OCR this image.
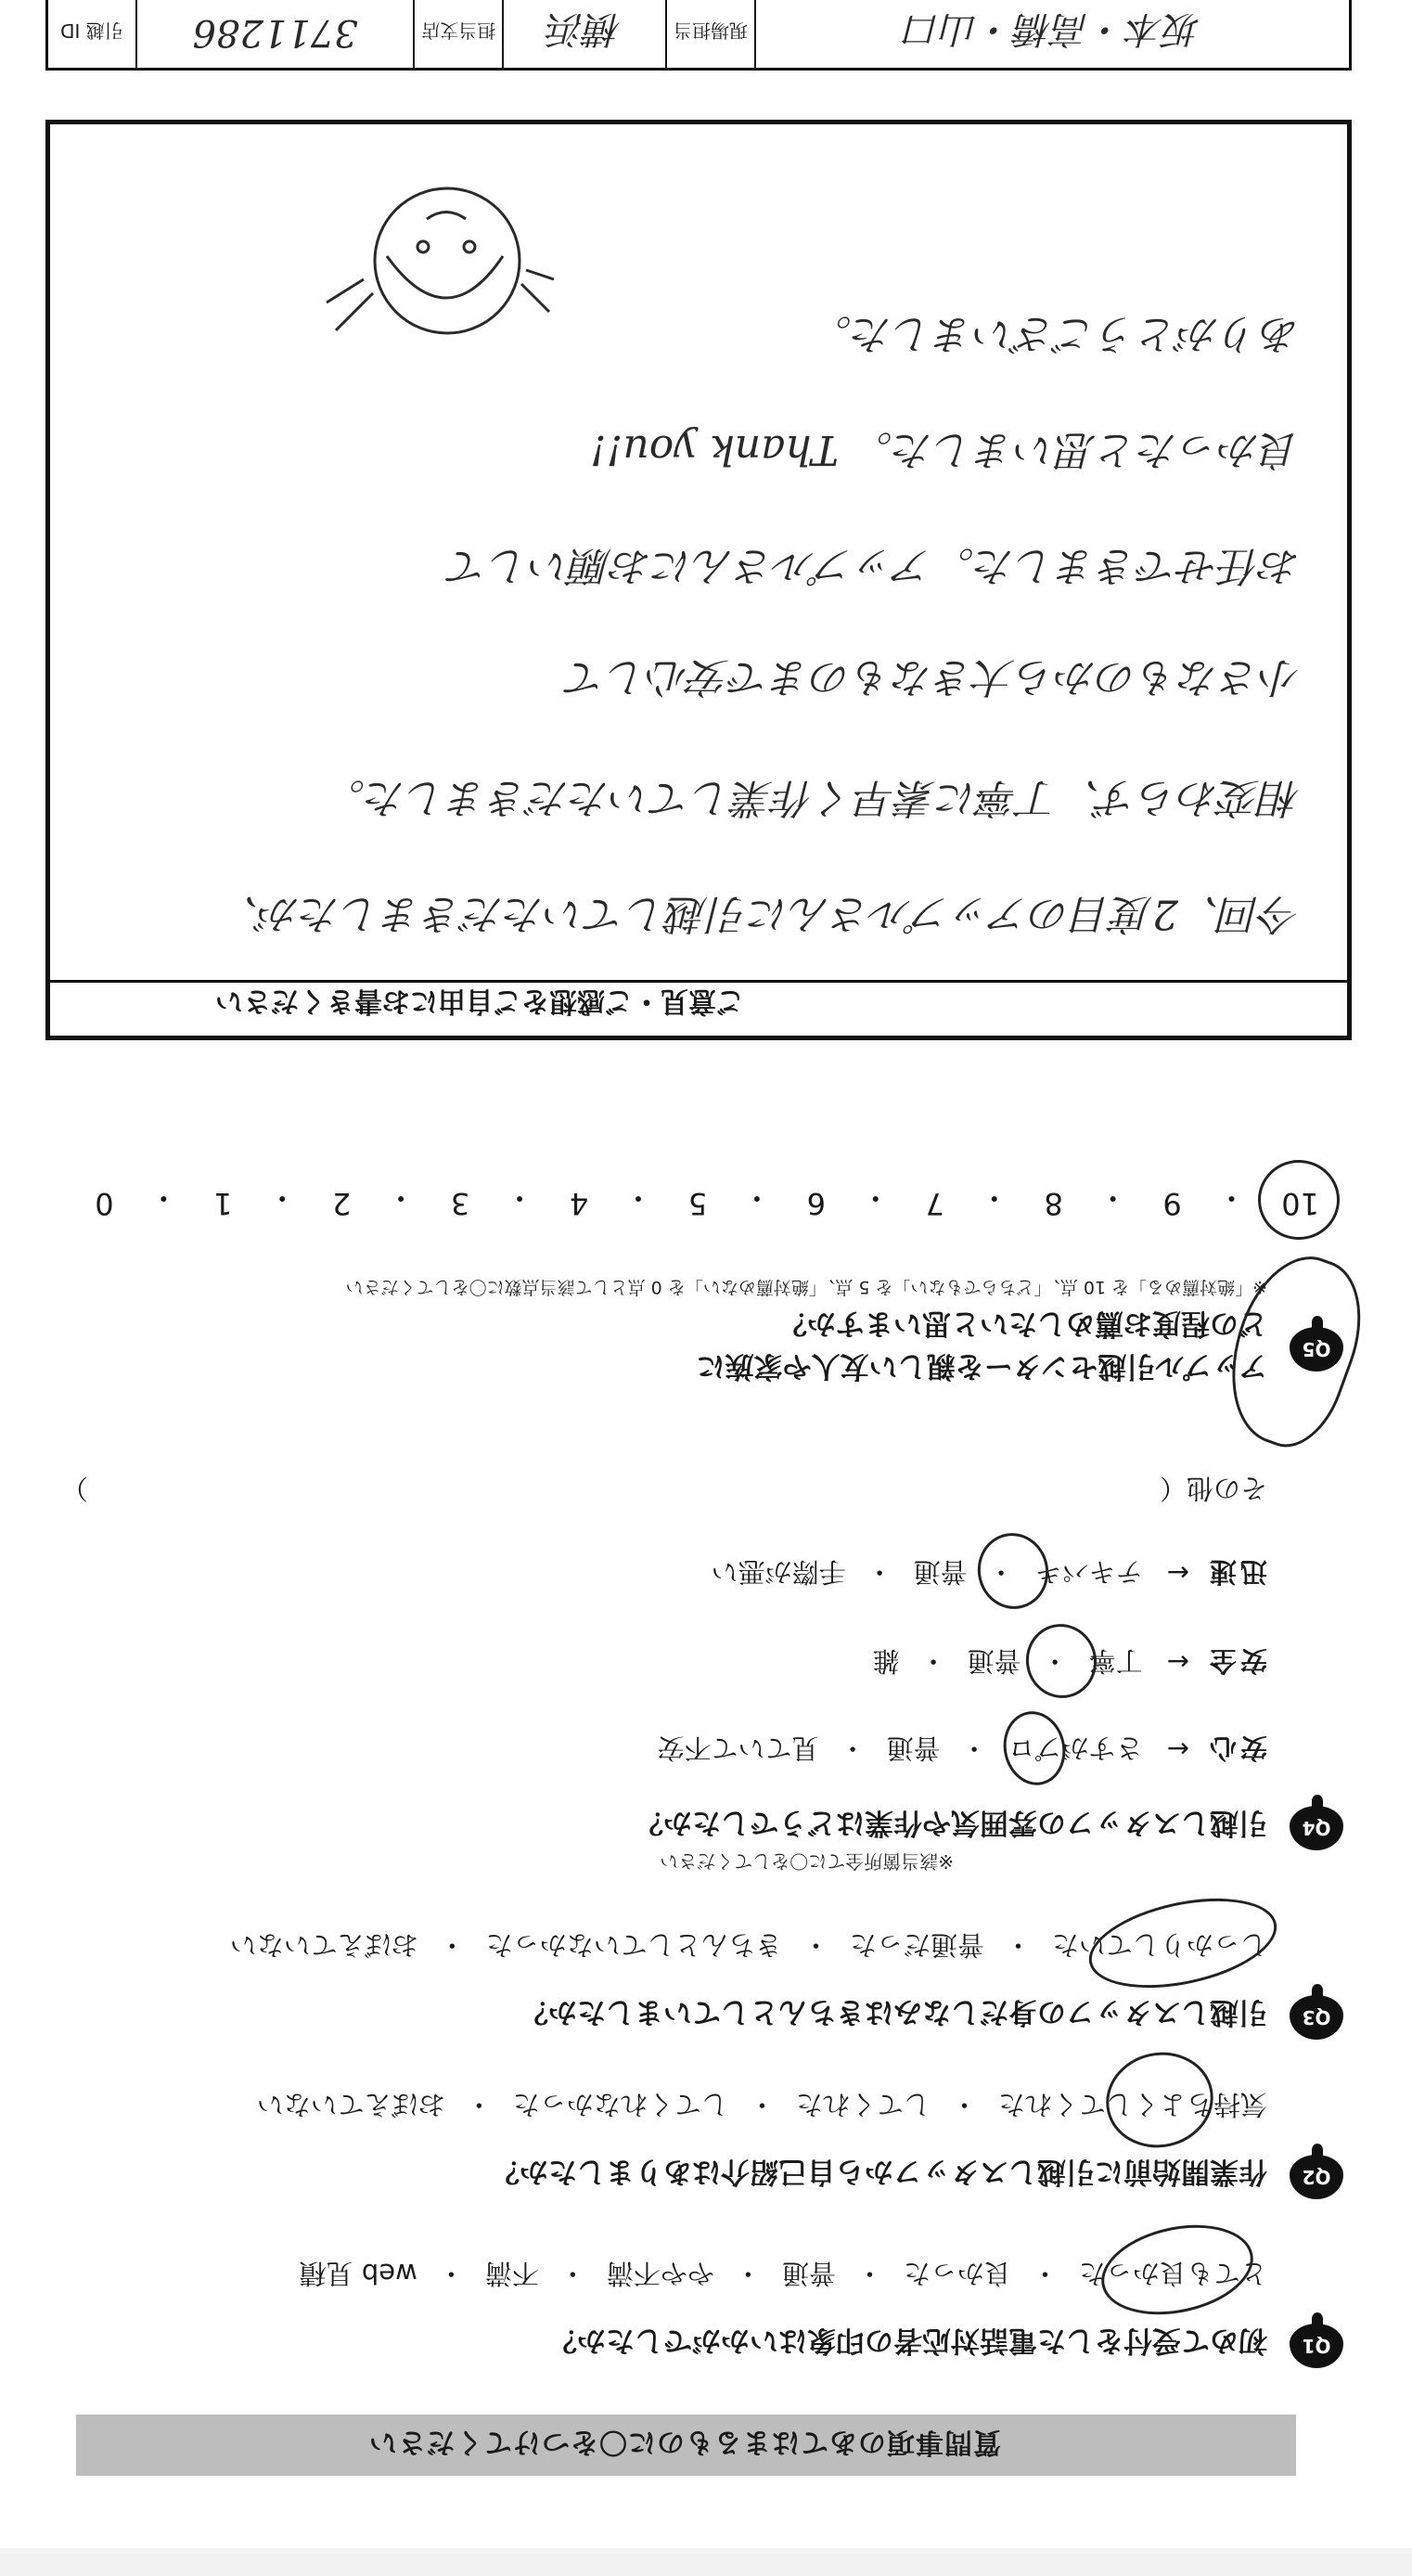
質問事項のあてはまるものに〇をつけてください
Q1
初めて受付をした電話対応者の印象はいかがでしたか？
とても良かった
・
良かった
・
普通
・
やや不満
・
不満
・
web 見積
Q2
作業開始前に引越しスタッフから自己紹介はありましたか？
気持ちよくしてくれた
・
してくれた
・
してくれなかった
・
おぼえていない
Q3
引越しスタッフの身だしなみはきちんとしていましたか？
しっかりしていた
・
普通だった
・
きちんとしていなかった
・
おぼえていない
Q4
引越しスタッフの雰囲気や作業はどうでしたか？
※該当箇所全てに〇をしてください
安心
←
さすがプロ
・
普通
・
見ていて不安
安全
←
丁寧
・
普通
・
雑
迅速
←
テキパキ
・
普通
・
手際が悪い
その他（
）
Q5
アップル引越センターを親しい友人や家族に
どの程度お薦めしたいと思いますか？
※「絶対薦める」を 10 点、「どちらでもない」を 5 点、「絶対薦めない」を 0 点として該当点数に〇をしてください
10
・
9
・
8
・
7
・
6
・
5
・
4
・
3
・
2
・
1
・
0
ご意見・ご感想をご自由にお書きください
今回、2度目のアップルさんに引越していただきましたが、
相変わらず、丁寧に素早く作業していただきました。
小さなものから大きなものまで安心して
お任せできました。アップルさんにお願いして
良かったと思いました。 Thank you!!
ありがとうございました。
坂本・高橋・山口
現場担当
横浜
担当支店
3711286
引越 ID
